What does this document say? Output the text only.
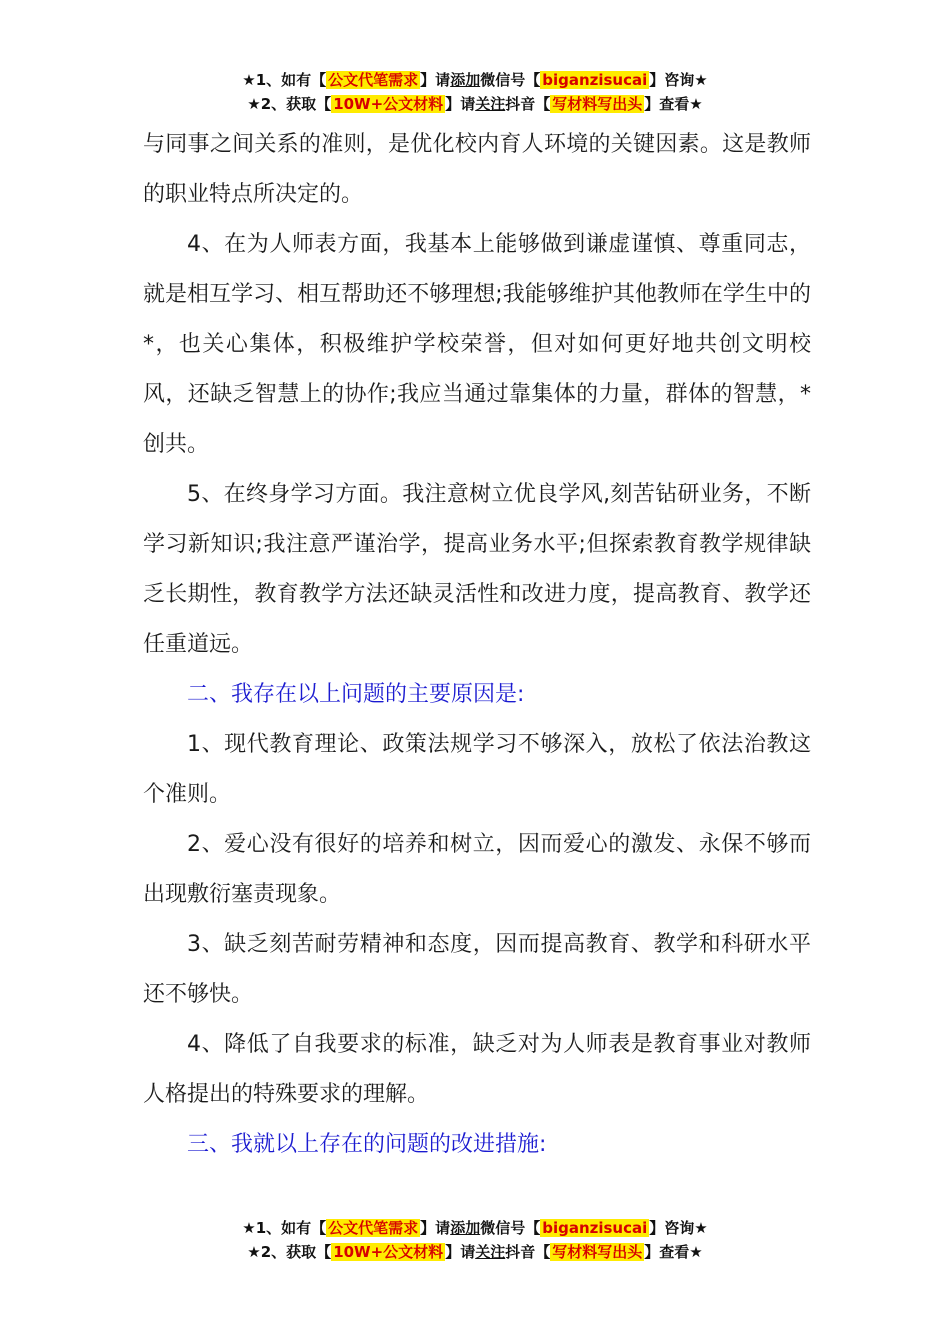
★1、如有【 公文代笔需求 】请添加微信号【 biganzisucai 】咨询★
★2、获取【 10W+公文材料 】请关注抖音【 写材料写出头 】查看★

与同事之间关系的准则，是优化校内育人环境的关键因素。这是教师的职业特点所决定的。

4、在为人师表方面，我基本上能够做到谦虚谨慎、尊重同志，就是相互学习、相互帮助还不够理想;我能够维护其他教师在学生中的*，也关心集体，积极维护学校荣誉，但对如何更好地共创文明校风，还缺乏智慧上的协作;我应当通过靠集体的力量，群体的智慧，*创共。

5、在终身学习方面。我注意树立优良学风,刻苦钻研业务，不断学习新知识;我注意严谨治学，提高业务水平;但探索教育教学规律缺乏长期性，教育教学方法还缺灵活性和改进力度，提高教育、教学还任重道远。

二、我存在以上问题的主要原因是:

1、现代教育理论、政策法规学习不够深入，放松了依法治教这个准则。

2、爱心没有很好的培养和树立，因而爱心的激发、永保不够而出现敷衍塞责现象。

3、缺乏刻苦耐劳精神和态度，因而提高教育、教学和科研水平还不够快。

4、降低了自我要求的标准，缺乏对为人师表是教育事业对教师人格提出的特殊要求的理解。

三、我就以上存在的问题的改进措施:

★1、如有【 公文代笔需求 】请添加微信号【 biganzisucai 】咨询★
★2、获取【 10W+公文材料 】请关注抖音【 写材料写出头 】查看★
